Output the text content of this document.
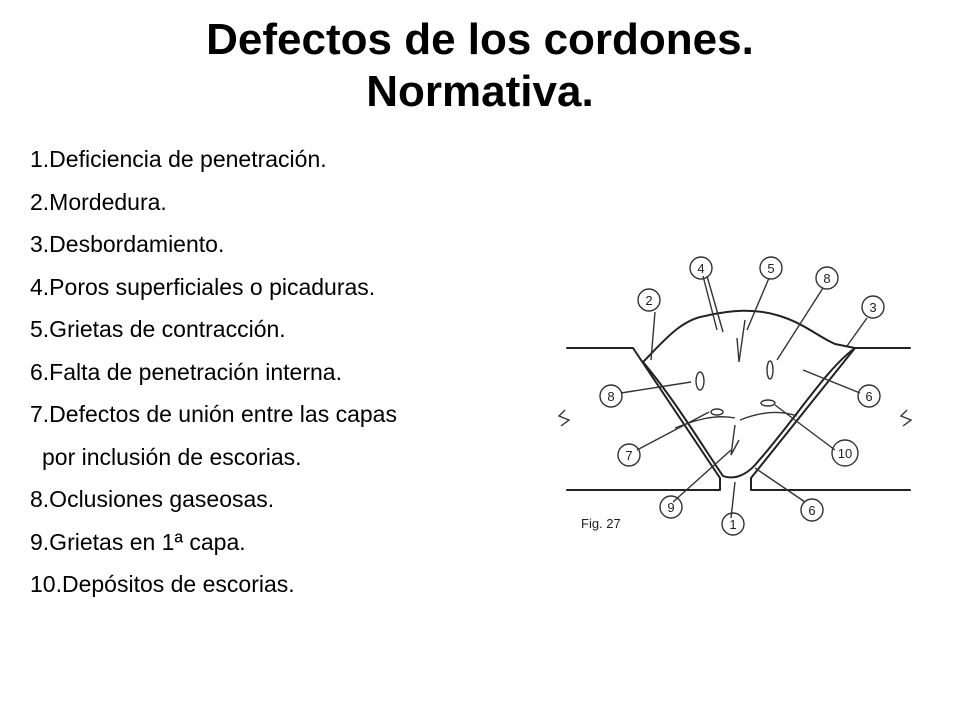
Defectos de los cordones.
Normativa.
1.Deficiencia de penetración.
2.Mordedura.
3.Desbordamiento.
4.Poros superficiales o picaduras.
5.Grietas de contracción.
6.Falta de penetración interna.
7.Defectos de unión entre las capas
por inclusión de escorias.
8.Oclusiones gaseosas.
9.Grietas en 1ª capa.
10.Depósitos de escorias.
4	5
8
2	3
8	6
7	10
9
1
6
Fig. 27
